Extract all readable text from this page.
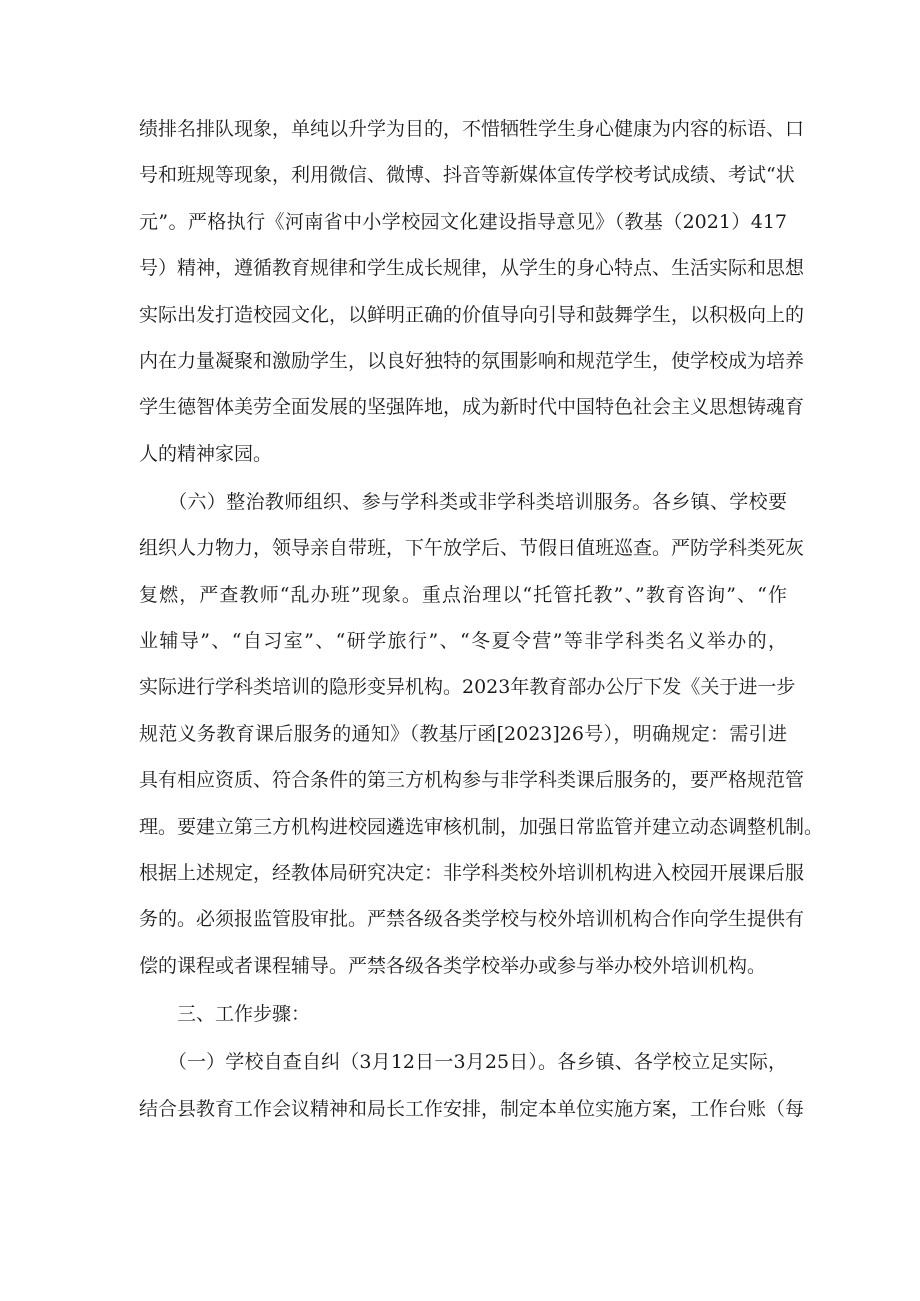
绩排名排队现象，单纯以升学为目的，不惜牺牲学生身心健康为内容的标语、口
号和班规等现象，利用微信、微博、抖音等新媒体宣传学校考试成绩、考试“状
元”。严格执行《河南省中小学校园文化建设指导意见》（教基（2021）417
号）精神，遵循教育规律和学生成长规律，从学生的身心特点、生活实际和思想
实际出发打造校园文化，以鲜明正确的价值导向引导和鼓舞学生，以积极向上的
内在力量凝聚和激励学生，以良好独特的氛围影响和规范学生，使学校成为培养
学生德智体美劳全面发展的坚强阵地，成为新时代中国特色社会主义思想铸魂育
人的精神家园。
　　（六）整治教师组织、参与学科类或非学科类培训服务。各乡镇、学校要
组织人力物力，领导亲自带班，下午放学后、节假日值班巡查。严防学科类死灰
复燃，严查教师“乱办班”现象。重点治理以“托管托教”、”教育咨询”、“作
业辅导”、“自习室”、“研学旅行”、“冬夏令营”等非学科类名义举办的，
实际进行学科类培训的隐形变异机构。2023年教育部办公厅下发《关于进一步
规范义务教育课后服务的通知》（教基厅函[2023]26号），明确规定：需引进
具有相应资质、符合条件的第三方机构参与非学科类课后服务的，要严格规范管
理。要建立第三方机构进校园遴选审核机制，加强日常监管并建立动态调整机制。
根据上述规定，经教体局研究决定：非学科类校外培训机构进入校园开展课后服
务的。必须报监管股审批。严禁各级各类学校与校外培训机构合作向学生提供有
偿的课程或者课程辅导。严禁各级各类学校举办或参与举办校外培训机构。
　　三、工作步骤：
　　（一）学校自查自纠（3月12日一3月25日）。各乡镇、各学校立足实际，
结合县教育工作会议精神和局长工作安排，制定本单位实施方案，工作台账（每
